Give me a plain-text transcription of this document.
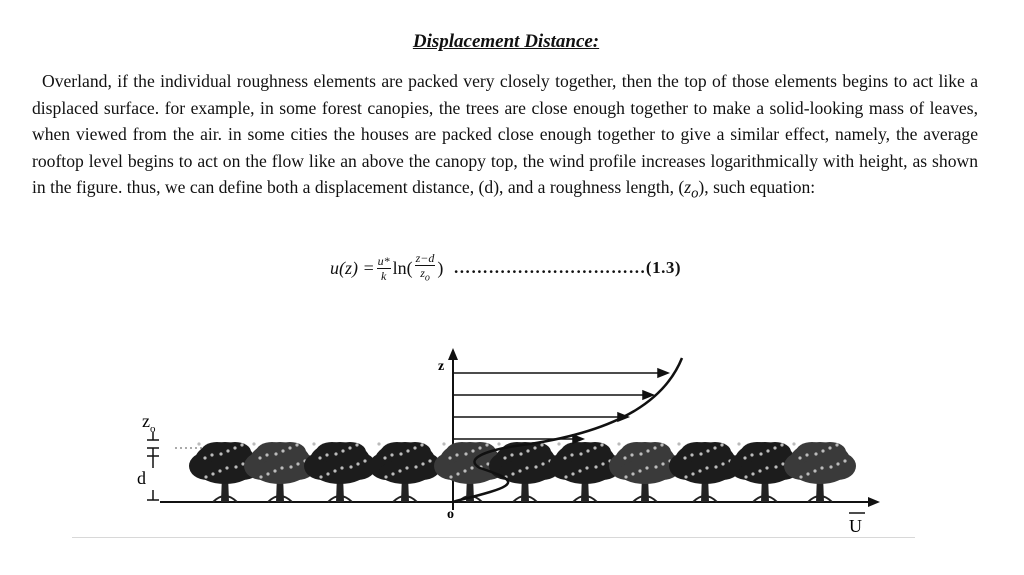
Displacement Distance:
Overland, if the individual roughness elements are packed very closely together, then the top of those elements begins to act like a displaced surface. for example, in some forest canopies, the trees are close enough together to make a solid-looking mass of leaves, when viewed from the air. in some cities the houses are packed close enough together to give a similar effect, namely, the average rooftop level begins to act on the flow like an above the canopy top, the wind profile increases logarithmically with height, as shown in the figure. thus, we can define both a displacement distance, (d), and a roughness length, $(z_o)$, such equation:
$u(z) = \frac{u*}{k} \ln( \frac{z-d}{z_o}$ ) ……………………………(1.3)
z
$z_o$
d
o
U
